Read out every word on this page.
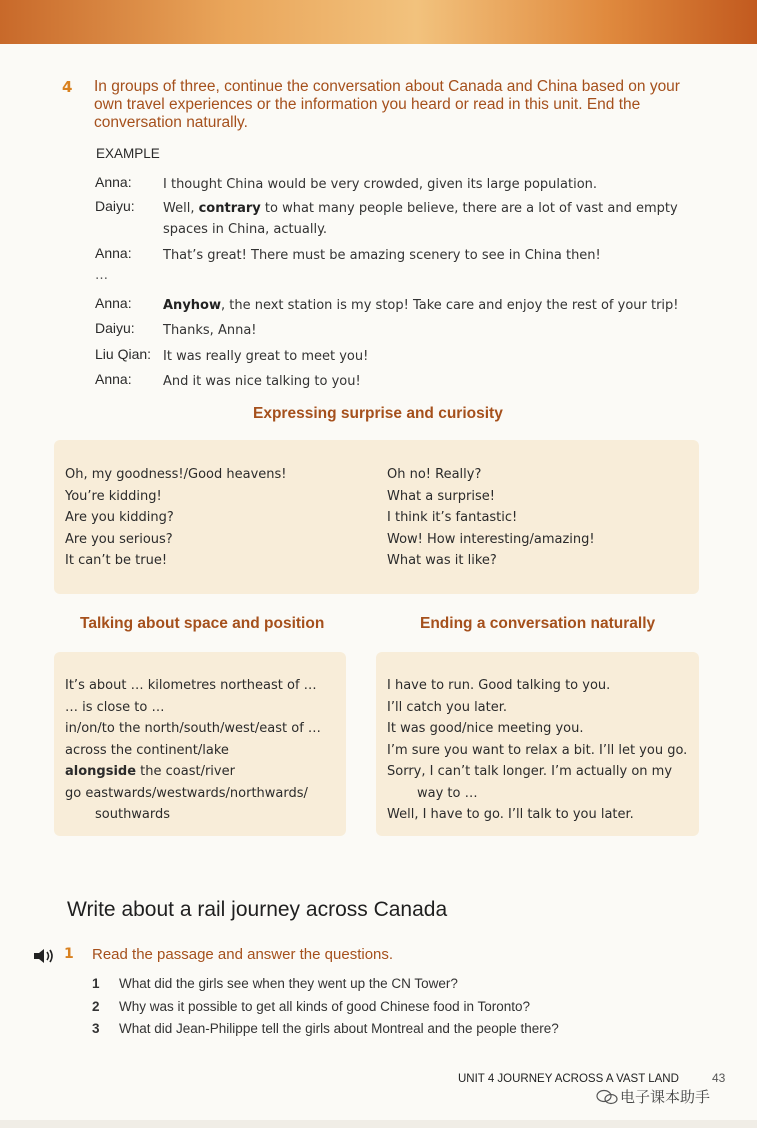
4 In groups of three, continue the conversation about Canada and China based on your own travel experiences or the information you heard or read in this unit. End the conversation naturally.
EXAMPLE
Anna: I thought China would be very crowded, given its large population.
Daiyu: Well, contrary to what many people believe, there are a lot of vast and empty spaces in China, actually.
Anna: That’s great! There must be amazing scenery to see in China then!
…
Anna: Anyhow, the next station is my stop! Take care and enjoy the rest of your trip!
Daiyu: Thanks, Anna!
Liu Qian: It was really great to meet you!
Anna: And it was nice talking to you!
Expressing surprise and curiosity
Oh, my goodness!/Good heavens!
You’re kidding!
Are you kidding?
Are you serious?
It can’t be true!
Oh no! Really?
What a surprise!
I think it’s fantastic!
Wow! How interesting/amazing!
What was it like?
Talking about space and position
It’s about … kilometres northeast of …
… is close to …
in/on/to the north/south/west/east of …
across the continent/lake
alongside the coast/river
go eastwards/westwards/northwards/
southwards
Ending a conversation naturally
I have to run. Good talking to you.
I’ll catch you later.
It was good/nice meeting you.
I’m sure you want to relax a bit. I’ll let you go.
Sorry, I can’t talk longer. I’m actually on my
way to …
Well, I have to go. I’ll talk to you later.
Write about a rail journey across Canada
1 Read the passage and answer the questions.
1 What did the girls see when they went up the CN Tower?
2 Why was it possible to get all kinds of good Chinese food in Toronto?
3 What did Jean-Philippe tell the girls about Montreal and the people there?
UNIT 4 JOURNEY ACROSS A VAST LAND	43
电子课本助手
